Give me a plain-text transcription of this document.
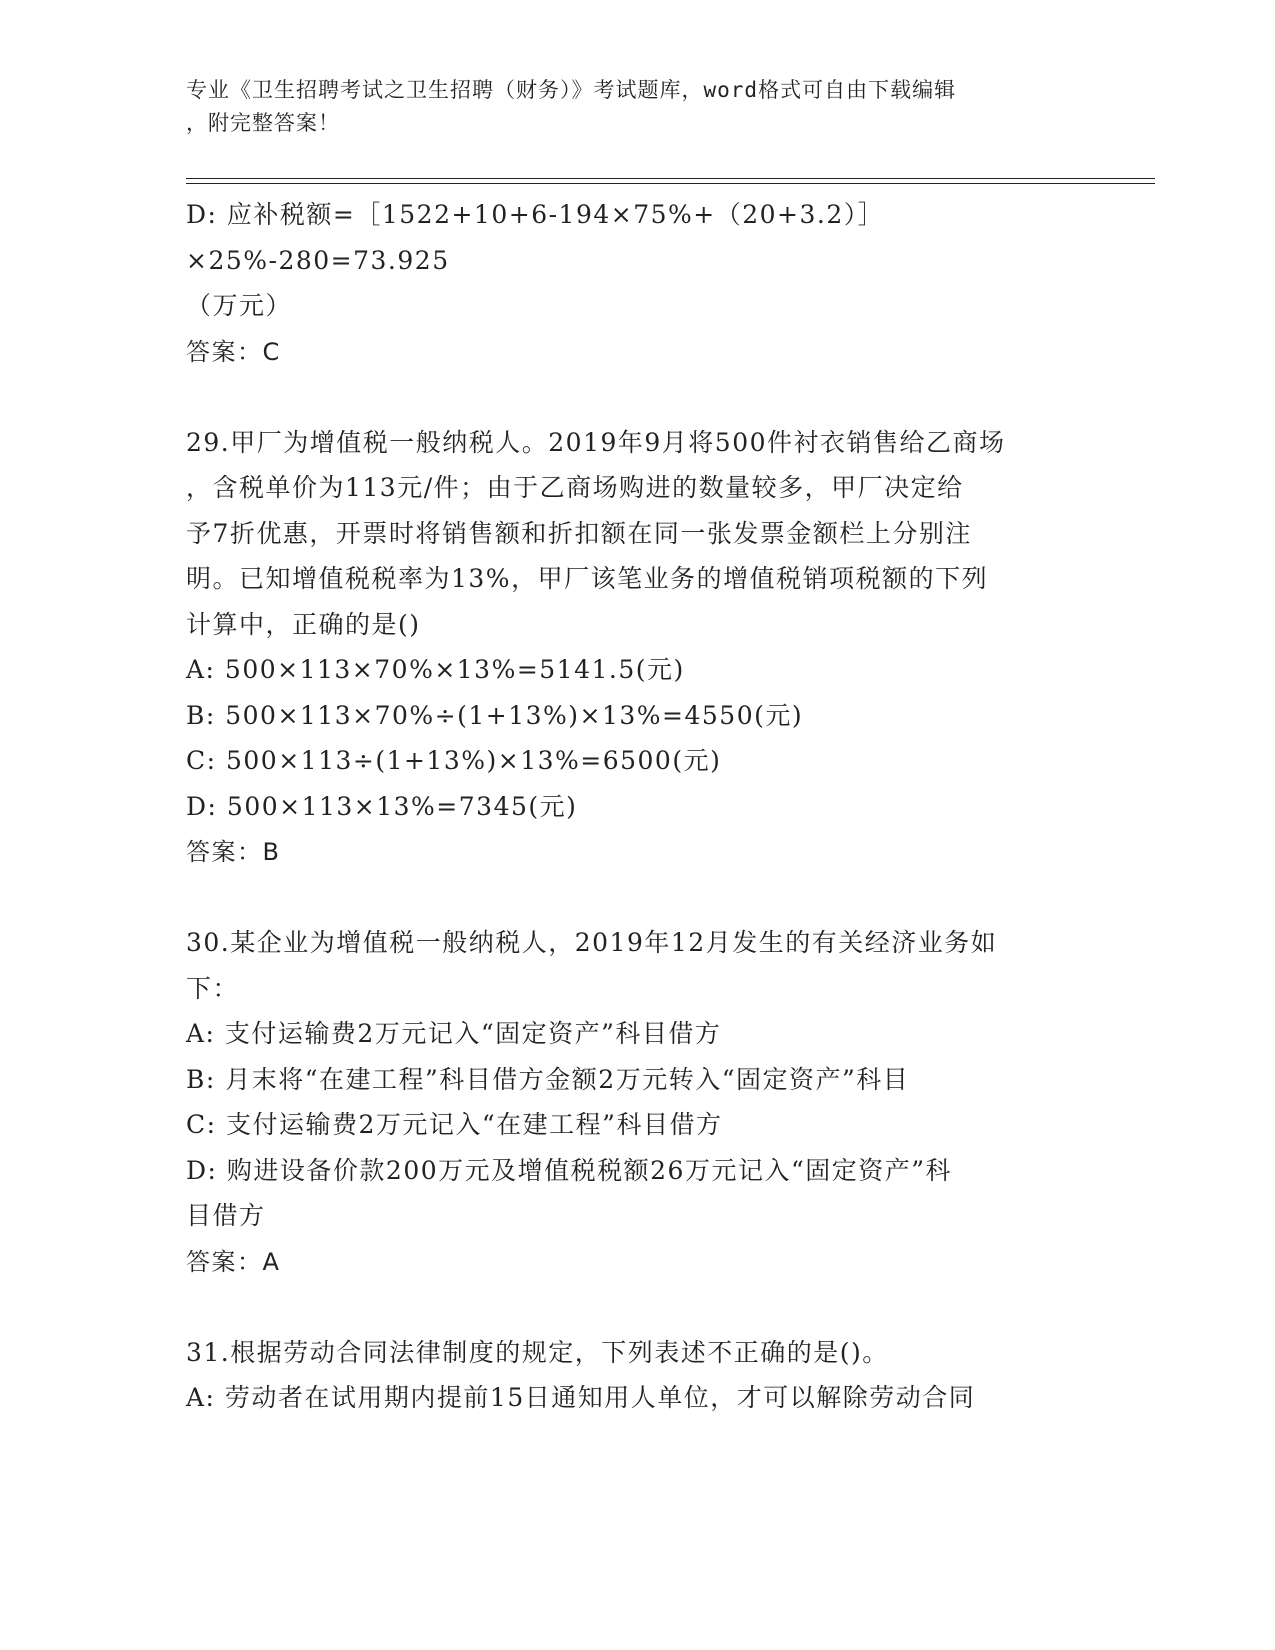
专业《卫生招聘考试之卫生招聘（财务）》考试题库，word格式可自由下载编辑
，附完整答案！
D: 应补税额=［1522+10+6-194×75%+（20+3.2）］×25%-280=73.925
（万元）
答案：C
29.甲厂为增值税一般纳税人。2019年9月将500件衬衣销售给乙商场
，含税单价为113元/件；由于乙商场购进的数量较多，甲厂决定给
予7折优惠，开票时将销售额和折扣额在同一张发票金额栏上分别注
明。已知增值税税率为13%，甲厂该笔业务的增值税销项税额的下列
计算中，正确的是()
A: 500×113×70%×13%=5141.5(元)
B: 500×113×70%÷(1+13%)×13%=4550(元)
C: 500×113÷(1+13%)×13%=6500(元)
D: 500×113×13%=7345(元)
答案：B
30.某企业为增值税一般纳税人，2019年12月发生的有关经济业务如
下：
A: 支付运输费2万元记入“固定资产”科目借方
B: 月末将“在建工程”科目借方金额2万元转入“固定资产”科目
C: 支付运输费2万元记入“在建工程”科目借方
D: 购进设备价款200万元及增值税税额26万元记入“固定资产”科
目借方
答案：A
31.根据劳动合同法律制度的规定，下列表述不正确的是()。
A: 劳动者在试用期内提前15日通知用人单位，才可以解除劳动合同
